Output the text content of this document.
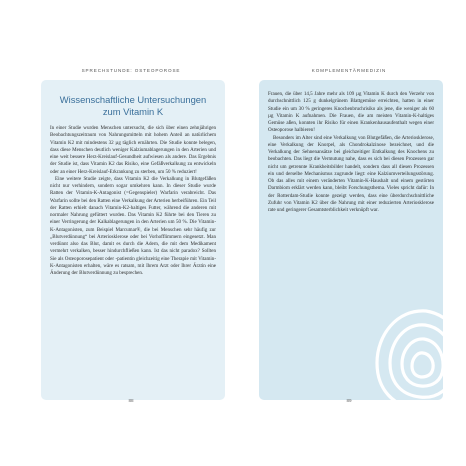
SPRECHSTUNDE: OSTEOPOROSE
Wissenschaftliche Untersuchungen
zum Vitamin K

In einer Studie wurden Menschen untersucht, die sich über einen zehnjährigen Beobachtungszeitraum von Nahrungsmitteln mit hohem Anteil an natürlichem Vitamin K2 mit mindestens 32 µg täglich ernährten. Die Studie konnte belegen, dass diese Menschen deutlich weniger Kalziumablagerungen in den Arterien und eine weit bessere Herz-Kreislauf-Gesundheit aufwiesen als andere. Das Ergebnis der Studie ist, dass Vitamin K2 das Risiko, eine Gefäßverkalkung zu entwickeln oder an einer Herz-Kreislauf-Erkrankung zu sterben, um 50 % reduziert!

Eine weitere Studie zeigte, dass Vitamin K2 die Verkalkung in Blutgefäßen nicht nur verhindern, sondern sogar umkehren kann. In dieser Studie wurde Ratten der Vitamin-K-Antagonist (=Gegenspieler) Warfarin verabreicht. Das Warfarin sollte bei den Ratten eine Verkalkung der Arterien herbeiführen. Ein Teil der Ratten erhielt danach Vitamin-K2-haltiges Futter, während die anderen mit normaler Nahrung gefüttert wurden. Das Vitamin K2 führte bei den Tieren zu einer Verringerung der Kalkablagerungen in den Arterien um 50 %. Die Vitamin-K-Antagonisten, zum Beispiel Marcumar®, die bei Menschen sehr häufig zur „Blutverdünnung“ bei Arteriosklerose oder bei Vorhofflimmern eingesetzt. Man verdünnt also das Blut, damit es durch die Adern, die mit dem Medikament vermehrt verkalken, besser hindurchfließen kann. Ist das nicht paradox? Sollten Sie als Osteoporosepatient oder -patientin gleichzeitig eine Therapie mit Vitamin-K-Antagonisten erhalten, wäre es ratsam, mit Ihrem Arzt oder Ihrer Ärztin eine Änderung der Blutverdünnung zu besprechen.

88
KOMPLEMENTÄRMEDIZIN

Frauen, die über 14,5 Jahre mehr als 109 µg Vitamin K durch den Verzehr von durchschnittlich 125 g dunkelgrünem Blattgemüse erreichten, hatten in einer Studie ein um 30 % geringeres Knochenbruchrisiko als jene, die weniger als 60 µg Vitamin K aufnahmen. Die Frauen, die am meisten Vitamin-K-haltiges Gemüse aßen, konnten ihr Risiko für einen Krankenhausaufenthalt wegen einer Osteoporose halbieren!

Besonders im Alter sind eine Verkalkung von Blutgefäßen, die Arteriosklerose, eine Verkalkung der Knorpel, als Chondrokalzinose bezeichnet, und die Verkalkung der Sehnenansätze bei gleichzeitiger Entkalkung des Knochens zu beobachten. Das liegt die Vermutung nahe, dass es sich bei diesen Prozessen gar nicht um getrennte Krankheitsbilder handelt, sondern dass all diesen Prozessen ein und derselbe Mechanismus zugrunde liegt: eine Kalziumverteilungsstörung. Ob das alles mit einem veränderten Vitamin-K-Haushalt und einem gestörten Darmbiom erklärt werden kann, bleibt Forschungsthema. Vieles spricht dafür: In der Rotterdam-Studie konnte gezeigt werden, dass eine überdurchschnittliche Zufuhr von Vitamin K2 über die Nahrung mit einer reduzierten Arteriosklerose rate und geringerer Gesamtsterblichkeit verknüpft war.

89
